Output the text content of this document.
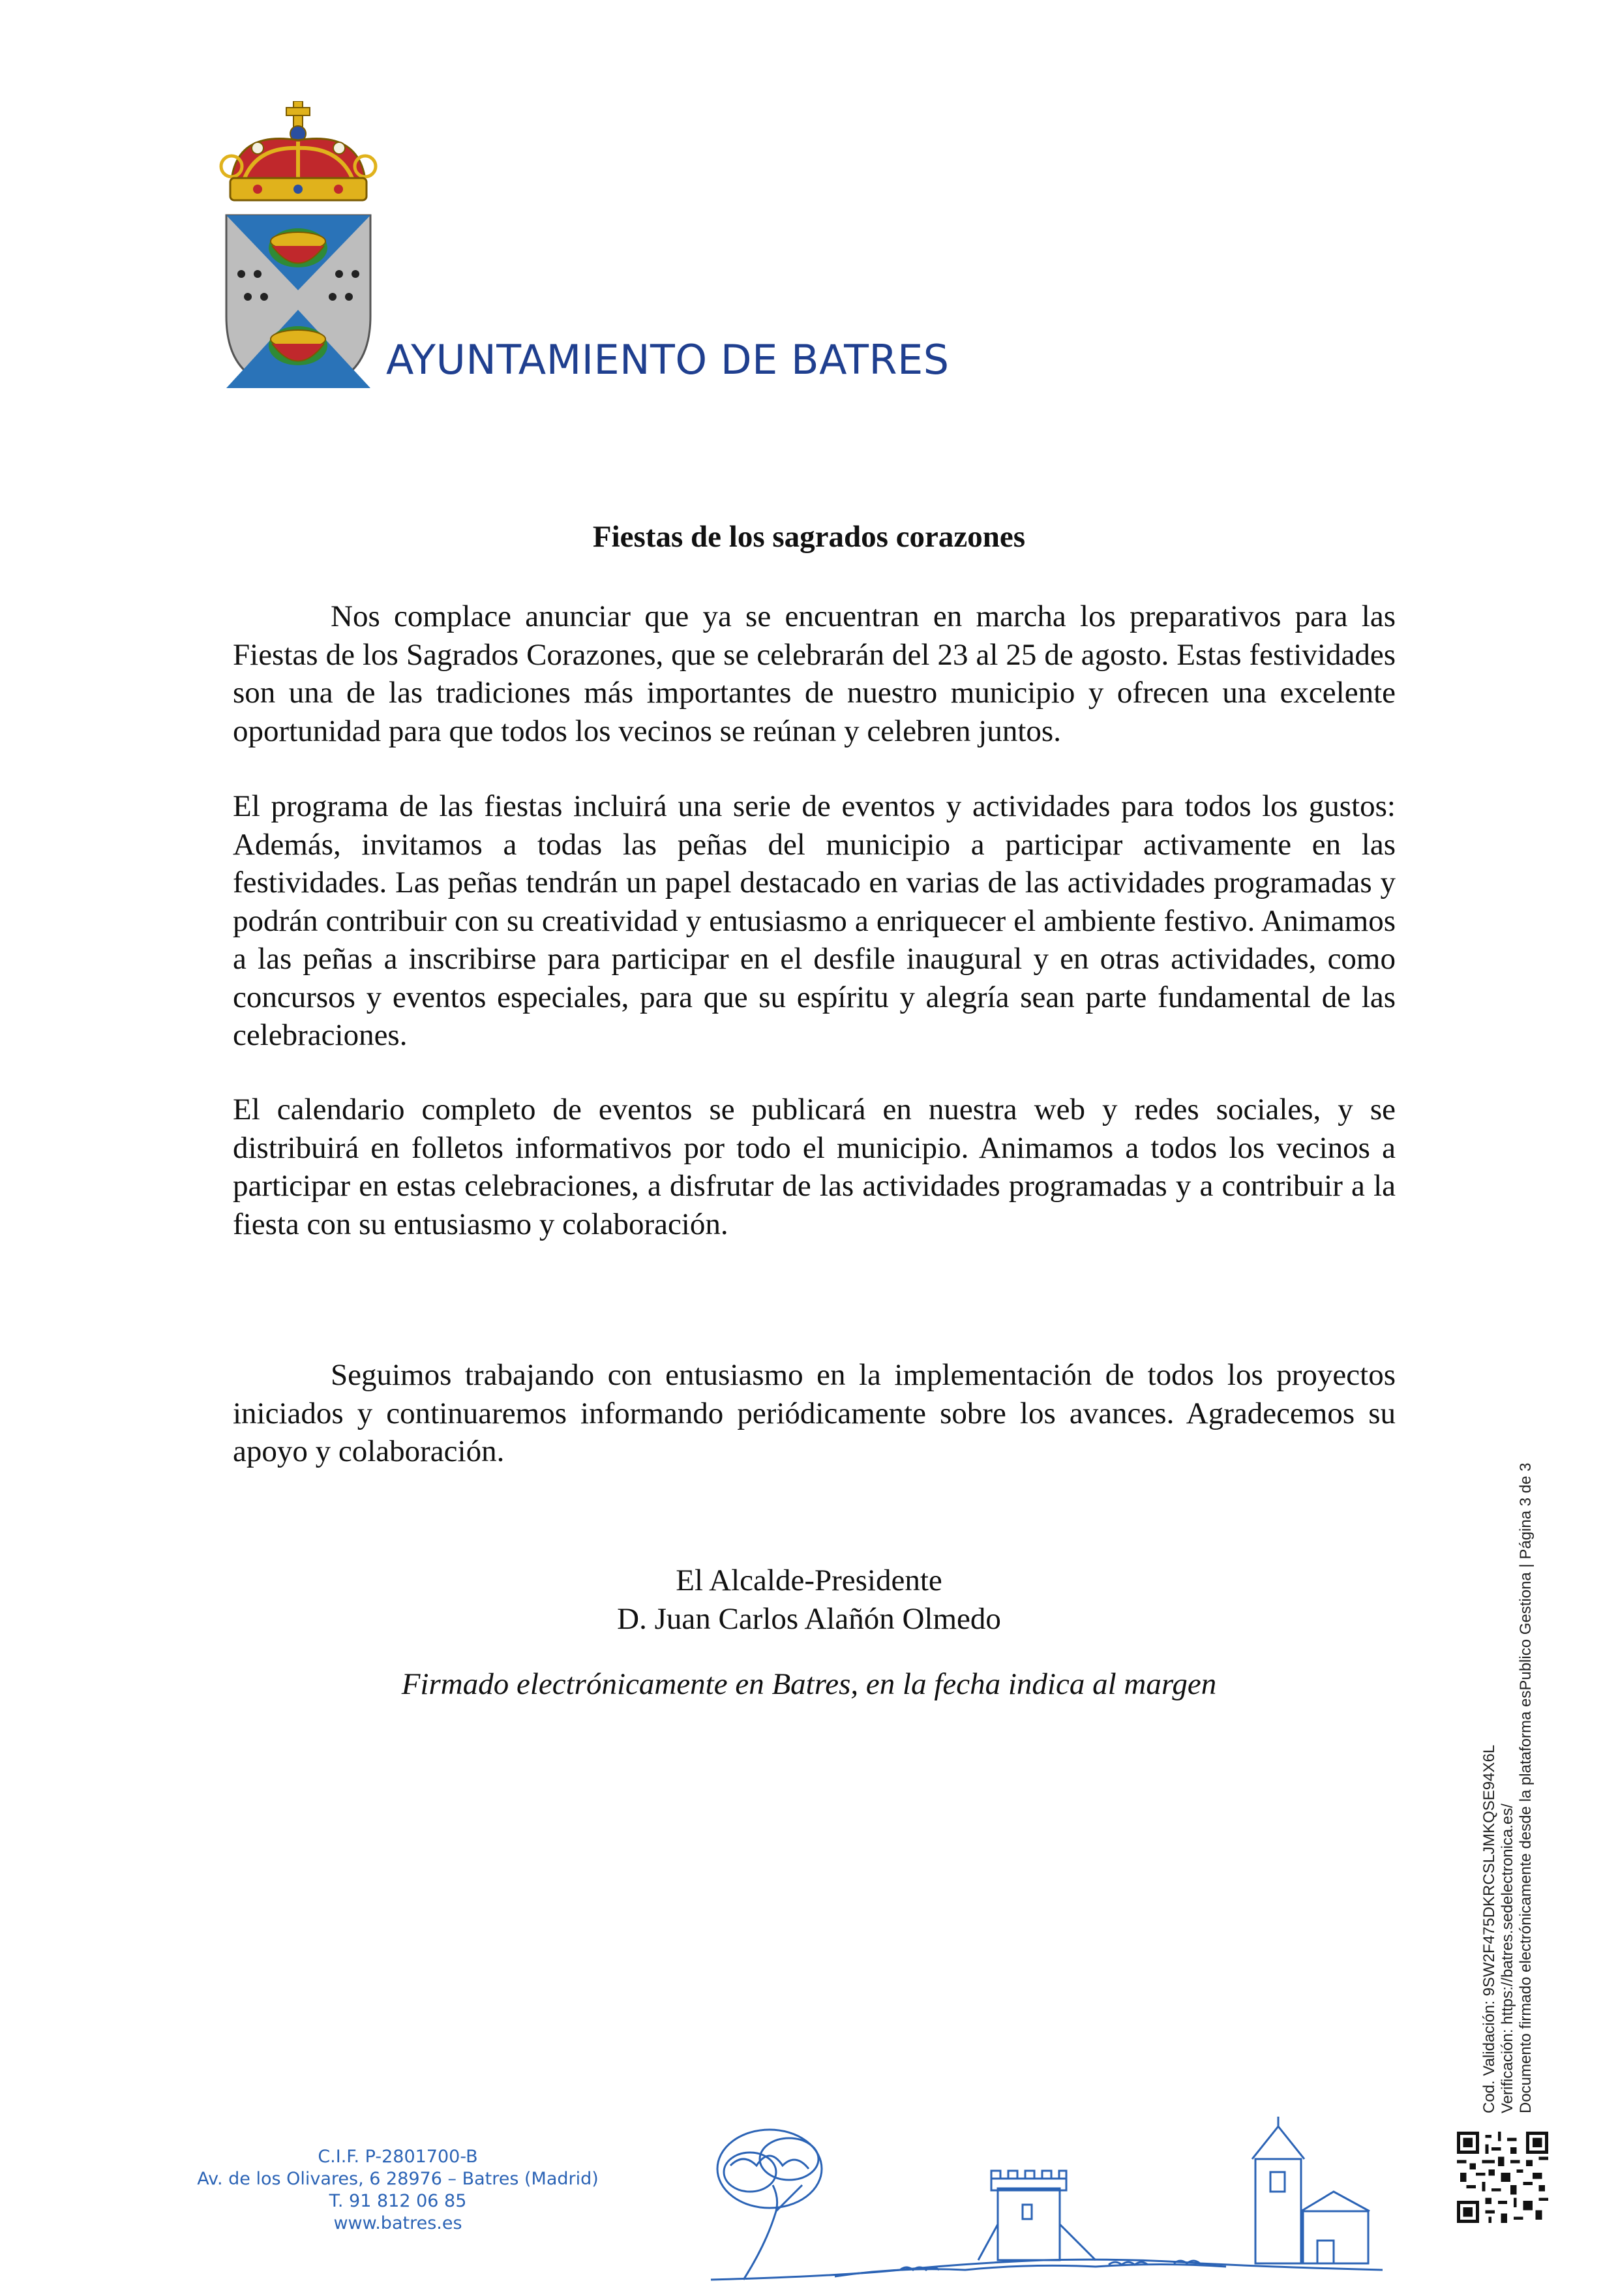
AYUNTAMIENTO DE BATRES
Fiestas de los sagrados corazones

Nos complace anunciar que ya se encuentran en marcha los preparativos para las Fiestas de los Sagrados Corazones, que se celebrarán del 23 al 25 de agosto. Estas festividades son una de las tradiciones más importantes de nuestro municipio y ofrecen una excelente oportunidad para que todos los vecinos se reúnan y celebren juntos.

El programa de las fiestas incluirá una serie de eventos y actividades para todos los gustos: Además, invitamos a todas las peñas del municipio a participar activamente en las festividades. Las peñas tendrán un papel destacado en varias de las actividades programadas y podrán contribuir con su creatividad y entusiasmo a enriquecer el ambiente festivo. Animamos a las peñas a inscribirse para participar en el desfile inaugural y en otras actividades, como concursos y eventos especiales, para que su espíritu y alegría sean parte fundamental de las celebraciones.

El calendario completo de eventos se publicará en nuestra web y redes sociales, y se distribuirá en folletos informativos por todo el municipio. Animamos a todos los vecinos a participar en estas celebraciones, a disfrutar de las actividades programadas y a contribuir a la fiesta con su entusiasmo y colaboración.

Seguimos trabajando con entusiasmo en la implementación de todos los proyectos iniciados y continuaremos informando periódicamente sobre los avances. Agradecemos su apoyo y colaboración.

El Alcalde-Presidente
D. Juan Carlos Alañón Olmedo
Firmado electrónicamente en Batres, en la fecha indica al margen
Cod. Validación: 9SW2F475DKRCSLJMKQSE94X6L Verificación: https://batres.sedelectronica.es/ Documento firmado electrónicamente desde la plataforma esPublico Gestiona | Página 3 de 3
C.I.F. P-2801700-B
Av. de los Olivares, 6 28976 – Batres (Madrid)
T. 91 812 06 85
www.batres.es
